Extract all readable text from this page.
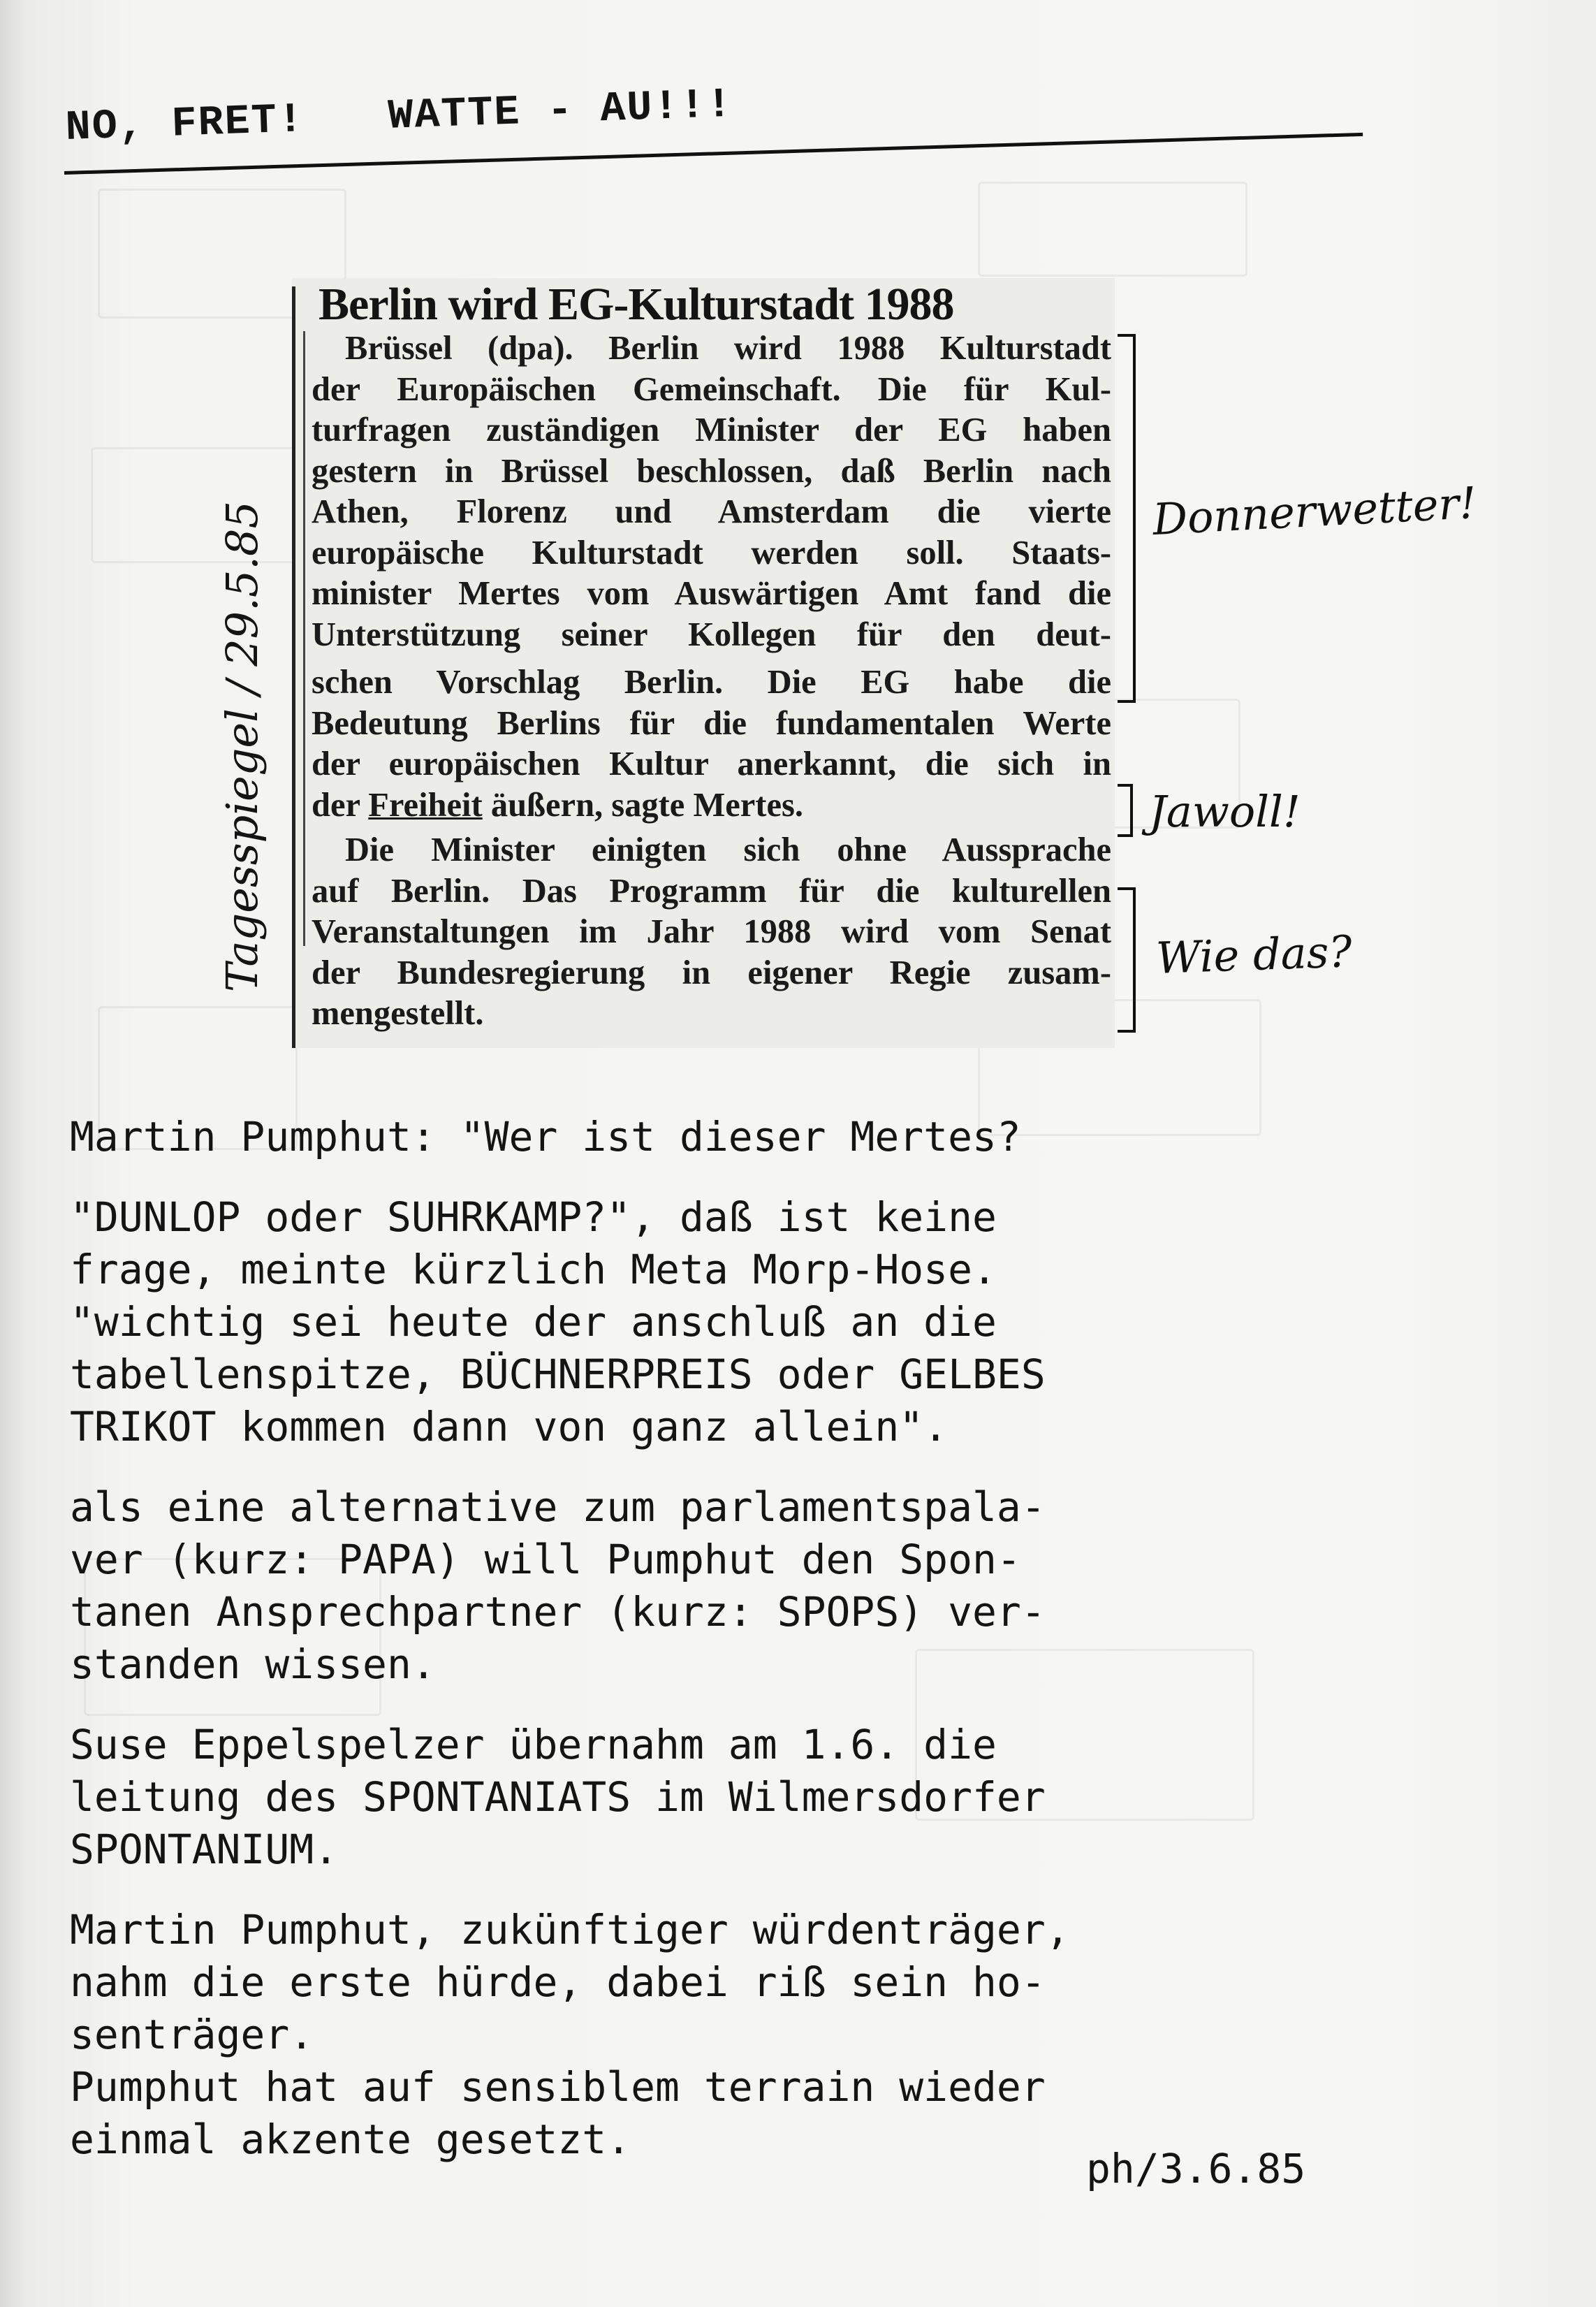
NO, FRET! WATTE - AU!!!
Berlin wird EG-Kulturstadt 1988
Brüssel (dpa). Berlin wird 1988 Kulturstadt
der Europäischen Gemeinschaft. Die für Kul-
turfragen zuständigen Minister der EG haben
gestern in Brüssel beschlossen, daß Berlin nach
Athen, Florenz und Amsterdam die vierte
europäische Kulturstadt werden soll. Staats-
minister Mertes vom Auswärtigen Amt fand die
Unterstützung seiner Kollegen für den deut-
schen Vorschlag Berlin. Die EG habe die
Bedeutung Berlins für die fundamentalen Werte
der europäischen Kultur anerkannt, die sich in
der Freiheit äußern, sagte Mertes.
Die Minister einigten sich ohne Aussprache
auf Berlin. Das Programm für die kulturellen
Veranstaltungen im Jahr 1988 wird vom Senat
der Bundesregierung in eigener Regie zusam-
mengestellt.
Donnerwetter!
Jawoll!
Wie das?
Tagesspiegel / 29.5.85
Martin Pumphut: "Wer ist dieser Mertes?
"DUNLOP oder SUHRKAMP?", daß ist keine
frage, meinte kürzlich Meta Morp-Hose.
"wichtig sei heute der anschluß an die
tabellenspitze, BÜCHNERPREIS oder GELBES
TRIKOT kommen dann von ganz allein".
als eine alternative zum parlamentspala-
ver (kurz: PAPA) will Pumphut den Spon-
tanen Ansprechpartner (kurz: SPOPS) ver-
standen wissen.
Suse Eppelspelzer übernahm am 1.6. die
leitung des SPONTANIATS im Wilmersdorfer
SPONTANIUM.
Martin Pumphut, zukünftiger würdenträger,
nahm die erste hürde, dabei riß sein ho-
senträger.
Pumphut hat auf sensiblem terrain wieder
einmal akzente gesetzt.
ph/3.6.85
